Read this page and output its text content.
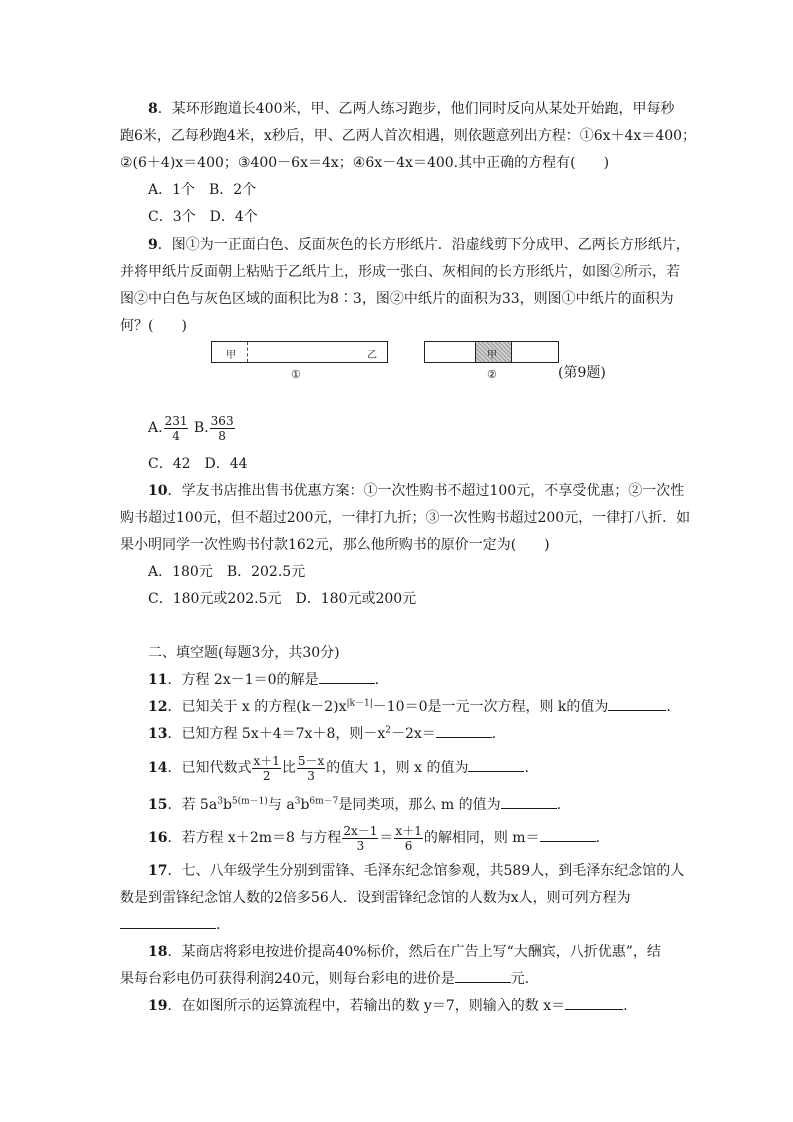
8．某环形跑道长400米，甲、乙两人练习跑步，他们同时反向从某处开始跑，甲每秒
跑6米，乙每秒跑4米，x秒后，甲、乙两人首次相遇，则依题意列出方程：①6x＋4x＝400；
②(6＋4)x＝400；③400－6x＝4x；④6x－4x＝400.其中正确的方程有(　　)
A．1个　B．2个
C．3个　D．4个
9．图①为一正面白色、反面灰色的长方形纸片．沿虚线剪下分成甲、乙两长方形纸片，
并将甲纸片反面朝上粘贴于乙纸片上，形成一张白、灰相间的长方形纸片，如图②所示，若
图②中白色与灰色区域的面积比为8∶3，图②中纸片的面积为33，则图①中纸片的面积为
何？(　　)
甲	乙
①
甲
②	(第9题)
A. $\frac{231}{4} B$. $\frac{363}{8}$
C．42　D．44
10．学友书店推出售书优惠方案：①一次性购书不超过100元，不享受优惠；②一次性
购书超过100元，但不超过200元，一律打九折；③一次性购书超过200元，一律打八折．如
果小明同学一次性购书付款162元，那么他所购书的原价一定为(　　)
A．180元　B．202.5元
C．180元或202.5元　D．180元或200元
二、填空题(每题3分，共30分)
11．方程 2x－1＝0的解是	.
12．已知关于 x 的方程$(k-2)x^{|k-1|}-10=0$是一元一次方程，则 k的值为	.
13．已知方程 5x＋4＝7x＋8，则$-x^2-2x=$	.
14．已知代数式 $\frac{x+1}{2}$ 比 $\frac{5-x}{3}$ 的值大 1，则 x 的值为	.
15．若 $5a^3b^{5(m-1)}$与 $a^3b^{6m-7}$是同类项，那么 m 的值为	.
16．若方程 x＋2m＝8 与方程 $\frac{2x-1}{3} = \frac{x+1}{6}$ 的解相同，则 m＝	.
17．七、八年级学生分别到雷锋、毛泽东纪念馆参观，共589人，到毛泽东纪念馆的人
数是到雷锋纪念馆人数的2倍多56人．设到雷锋纪念馆的人数为x人，则可列方程为
.
18．某商店将彩电按进价提高40%标价，然后在广告上写“大酬宾，八折优惠”，结
果每台彩电仍可获得利润240元，则每台彩电的进价是	元.
19．在如图所示的运算流程中，若输出的数 y＝7，则输入的数 x＝	.
